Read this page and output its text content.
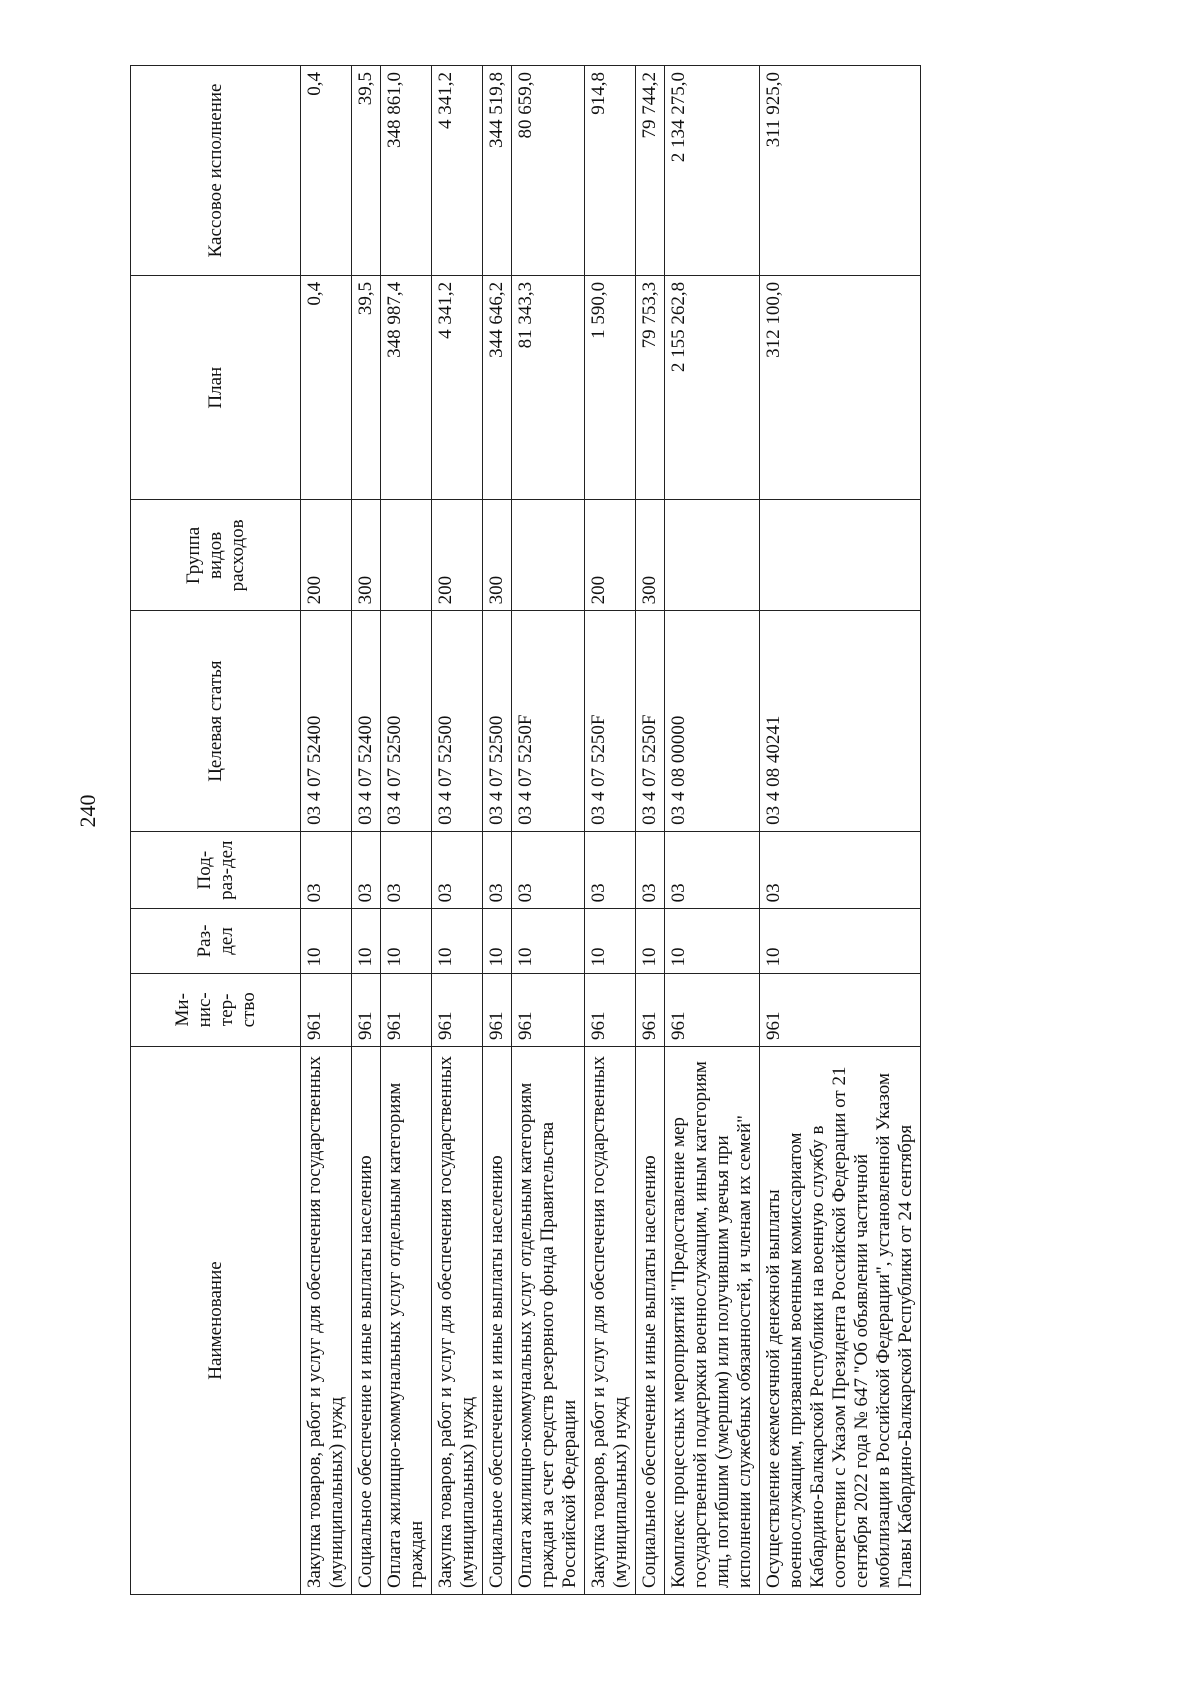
240
Наименование	Ми-нис-тер-ство	Раз-дел	Под-раз-дел	Целевая статья	Группа видов расходов	План	Кассовое исполнение
Закупка товаров, работ и услуг для обеспечения государственных (муниципальных) нужд	961	10	03	03 4 07 52400	200	0,4	0,4
Социальное обеспечение и иные выплаты населению	961	10	03	03 4 07 52400	300	39,5	39,5
Оплата жилищно-коммунальных услуг отдельным категориям граждан	961	10	03	03 4 07 52500		348 987,4	348 861,0
Закупка товаров, работ и услуг для обеспечения государственных (муниципальных) нужд	961	10	03	03 4 07 52500	200	4 341,2	4 341,2
Социальное обеспечение и иные выплаты населению	961	10	03	03 4 07 52500	300	344 646,2	344 519,8
Оплата жилищно-коммунальных услуг отдельным категориям граждан за счет средств резервного фонда Правительства Российской Федерации	961	10	03	03 4 07 5250F		81 343,3	80 659,0
Закупка товаров, работ и услуг для обеспечения государственных (муниципальных) нужд	961	10	03	03 4 07 5250F	200	1 590,0	914,8
Социальное обеспечение и иные выплаты населению	961	10	03	03 4 07 5250F	300	79 753,3	79 744,2
Комплекс процессных мероприятий "Предоставление мер государственной поддержки военнослужащим, иным категориям лиц, погибшим (умершим) или получившим увечья при исполнении служебных обязанностей, и членам их семей"	961	10	03	03 4 08 00000		2 155 262,8	2 134 275,0
Осуществление ежемесячной денежной выплаты военнослужащим, призванным военным комиссариатом Кабардино-Балкарской Республики на военную службу в соответствии с Указом Президента Российской Федерации от 21 сентября 2022 года № 647 "Об объявлении частичной мобилизации в Российской Федерации", установленной Указом Главы Кабардино-Балкарской Республики от 24 сентября	961	10	03	03 4 08 40241		312 100,0	311 925,0
